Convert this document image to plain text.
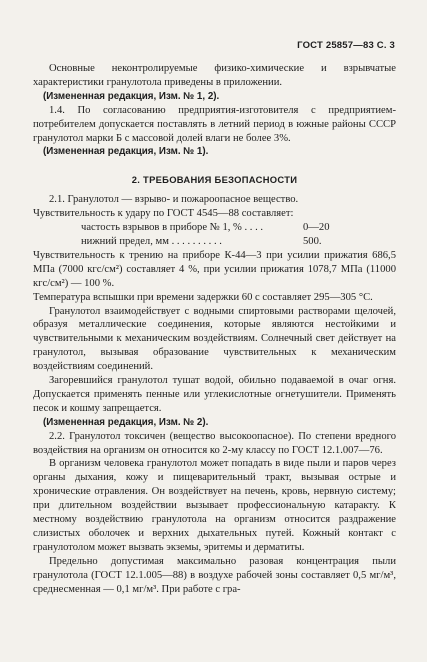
ГОСТ 25857—83 С. 3

Основные неконтролируемые физико-химические и взрывчатые характеристики гранулотола приведены в приложении.

(Измененная редакция, Изм. № 1, 2).

1.4. По согласованию предприятия-изготовителя с предприятием-потребителем допускается поставлять в летний период в южные районы СССР гранулотол марки Б с массовой долей влаги не более 3%.

(Измененная редакция, Изм. № 1).

2. ТРЕБОВАНИЯ БЕЗОПАСНОСТИ

2.1. Гранулотол — взрыво- и пожароопасное вещество.

Чувствительность к удару по ГОСТ 4545—88 составляет:

частость взрывов в приборе № 1, % . . . .	0—20
нижний предел, мм . . . . . . . . . .	500.

Чувствительность к трению на приборе К-44—3 при усилии прижатия 686,5 МПа (7000 кгс/см²) составляет 4 %, при усилии прижатия 1078,7 МПа (11000 кгс/см²) — 100 %.

Температура вспышки при времени задержки 60 с составляет 295—305 °С.

Гранулотол взаимодействует с водными спиртовыми растворами щелочей, образуя металлические соединения, которые являются нестойкими и чувствительными к механическим воздействиям. Солнечный свет действует на гранулотол, вызывая образование чувствительных к механическим воздействиям соединений.

Загоревшийся гранулотол тушат водой, обильно подаваемой в очаг огня. Допускается применять пенные или углекислотные огнетушители. Применять песок и кошму запрещается.

(Измененная редакция, Изм. № 2).

2.2. Гранулотол токсичен (вещество высокоопасное). По степени вредного воздействия на организм он относится ко 2-му классу по ГОСТ 12.1.007—76.

В организм человека гранулотол может попадать в виде пыли и паров через органы дыхания, кожу и пищеварительный тракт, вызывая острые и хронические отравления. Он воздействует на печень, кровь, нервную систему; при длительном воздействии вызывает профессиональную катаракту. К местному воздействию гранулотола на организм относится раздражение слизистых оболочек и верхних дыхательных путей. Кожный контакт с гранулотолом может вызвать экземы, эритемы и дерматиты.

Предельно допустимая максимально разовая концентрация пыли гранулотола (ГОСТ 12.1.005—88) в воздухе рабочей зоны составляет 0,5 мг/м³, среднесменная — 0,1 мг/м³. При работе с гра-
